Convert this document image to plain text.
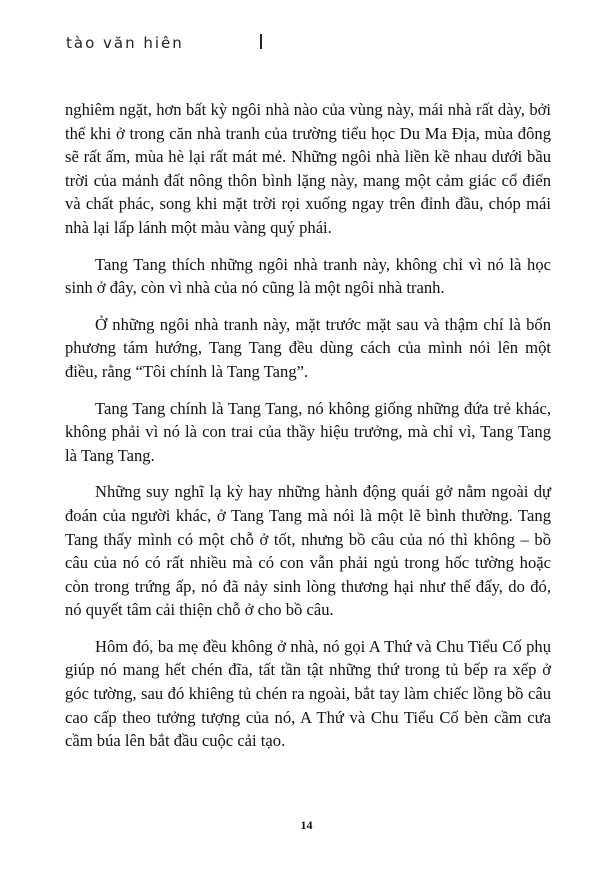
tào văn hiên

nghiêm ngặt, hơn bất kỳ ngôi nhà nào của vùng này, mái nhà rất dày, bởi thế khi ở trong căn nhà tranh của trường tiểu học Du Ma Địa, mùa đông sẽ rất ấm, mùa hè lại rất mát mẻ. Những ngôi nhà liền kề nhau dưới bầu trời của mảnh đất nông thôn bình lặng này, mang một cảm giác cổ điển và chất phác, song khi mặt trời rọi xuống ngay trên đỉnh đầu, chóp mái nhà lại lấp lánh một màu vàng quý phái.

Tang Tang thích những ngôi nhà tranh này, không chỉ vì nó là học sinh ở đây, còn vì nhà của nó cũng là một ngôi nhà tranh.

Ở những ngôi nhà tranh này, mặt trước mặt sau và thậm chí là bốn phương tám hướng, Tang Tang đều dùng cách của mình nói lên một điều, rằng “Tôi chính là Tang Tang”.

Tang Tang chính là Tang Tang, nó không giống những đứa trẻ khác, không phải vì nó là con trai của thầy hiệu trưởng, mà chỉ vì, Tang Tang là Tang Tang.

Những suy nghĩ lạ kỳ hay những hành động quái gở nằm ngoài dự đoán của người khác, ở Tang Tang mà nói là một lẽ bình thường. Tang Tang thấy mình có một chỗ ở tốt, nhưng bồ câu của nó thì không – bồ câu của nó có rất nhiều mà có con vẫn phải ngủ trong hốc tường hoặc còn trong trứng ấp, nó đã nảy sinh lòng thương hại như thế đấy, do đó, nó quyết tâm cải thiện chỗ ở cho bồ câu.

Hôm đó, ba mẹ đều không ở nhà, nó gọi A Thứ và Chu Tiểu Cố phụ giúp nó mang hết chén đĩa, tất tần tật những thứ trong tủ bếp ra xếp ở góc tường, sau đó khiêng tủ chén ra ngoài, bắt tay làm chiếc lồng bồ câu cao cấp theo tưởng tượng của nó, A Thứ và Chu Tiểu Cố bèn cầm cưa cầm búa lên bắt đầu cuộc cải tạo.

14
